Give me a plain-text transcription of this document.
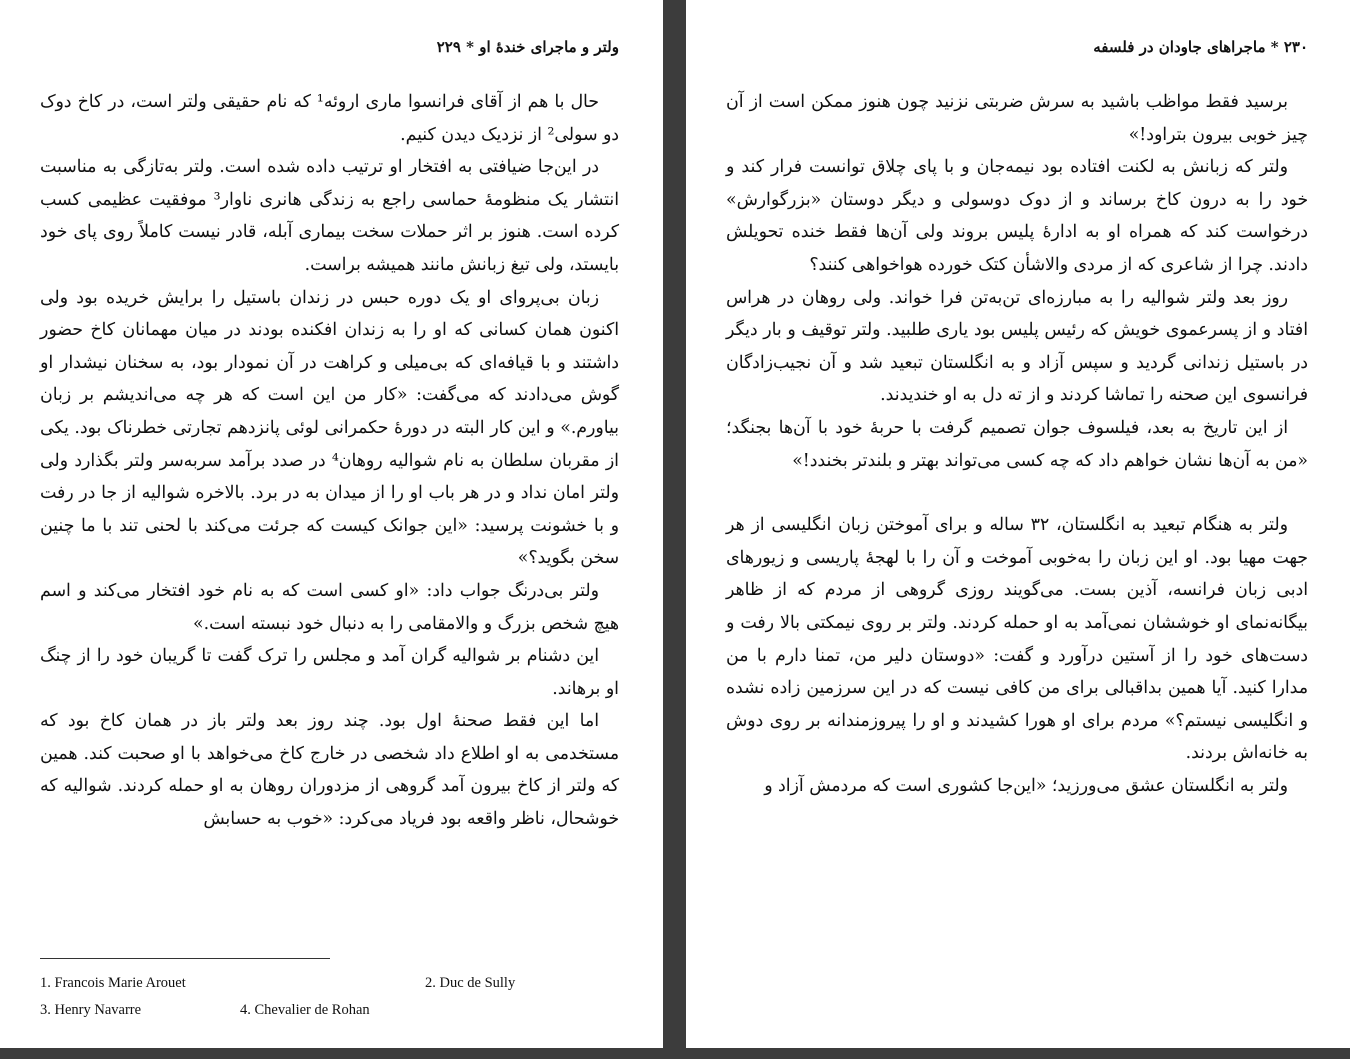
ولتر و ماجرای خندهٔ او * ۲۲۹

حال با هم از آقای فرانسوا ماری اروئه¹ که نام حقیقی ولتر است، در کاخ دوک دو سولی² از نزدیک دیدن کنیم.

در این‌جا ضیافتی به افتخار او ترتیب داده شده است. ولتر به‌تازگی به مناسبت انتشار یک منظومهٔ حماسی راجع به زندگی هانری ناوار³ موفقیت عظیمی کسب کرده است. هنوز بر اثر حملات سخت بیماری آبله، قادر نیست کاملاً روی پای خود بایستد، ولی تیغ زبانش مانند همیشه براست.

زبان بی‌پروای او یک دوره حبس در زندان باستیل را برایش خریده بود ولی اکنون همان کسانی که او را به زندان افکنده بودند در میان مهمانان کاخ حضور داشتند و با قیافه‌ای که بی‌میلی و کراهت در آن نمودار بود، به سخنان نیشدار او گوش می‌دادند که می‌گفت: «کار من این است که هر چه می‌اندیشم بر زبان بیاورم.» و این کار البته در دورهٔ حکمرانی لوئی پانزدهم تجارتی خطرناک بود. یکی از مقربان سلطان به نام شوالیه روهان⁴ در صدد برآمد سربه‌سر ولتر بگذارد ولی ولتر امان نداد و در هر باب او را از میدان به در برد. بالاخره شوالیه از جا در رفت و با خشونت پرسید: «این جوانک کیست که جرئت می‌کند با لحنی تند با ما چنین سخن بگوید؟»

ولتر بی‌درنگ جواب داد: «او کسی است که به نام خود افتخار می‌کند و اسم هیچ شخص بزرگ و والامقامی را به دنبال خود نبسته است.»

این دشنام بر شوالیه گران آمد و مجلس را ترک گفت تا گریبان خود را از چنگ او برهاند.

اما این فقط صحنهٔ اول بود. چند روز بعد ولتر باز در همان کاخ بود که مستخدمی به او اطلاع داد شخصی در خارج کاخ می‌خواهد با او صحبت کند. همین که ولتر از کاخ بیرون آمد گروهی از مزدوران روهان به او حمله کردند. شوالیه که خوشحال، ناظر واقعه بود فریاد می‌کرد: «خوب به حسابش

1. Francois Marie Arouet	2. Duc de Sully
3. Henry Navarre	4. Chevalier de Rohan
۲۳۰ * ماجراهای جاودان در فلسفه

برسید فقط مواظب باشید به سرش ضربتی نزنید چون هنوز ممکن است از آن چیز خوبی بیرون بتراود!»

ولتر که زبانش به لکنت افتاده بود نیمه‌جان و با پای چلاق توانست فرار کند و خود را به درون کاخ برساند و از دوک دوسولی و دیگر دوستان «بزرگوارش» درخواست کند که همراه او به ادارهٔ پلیس بروند ولی آن‌ها فقط خنده تحویلش دادند. چرا از شاعری که از مردی والاشأن کتک خورده هواخواهی کنند؟

روز بعد ولتر شوالیه را به مبارزه‌ای تن‌به‌تن فرا خواند. ولی روهان در هراس افتاد و از پسرعموی خویش که رئیس پلیس بود یاری طلبید. ولتر توقیف و بار دیگر در باستیل زندانی گردید و سپس آزاد و به انگلستان تبعید شد و آن نجیب‌زادگان فرانسوی این صحنه را تماشا کردند و از ته دل به او خندیدند.

از این تاریخ به بعد، فیلسوف جوان تصمیم گرفت با حربهٔ خود با آن‌ها بجنگد؛ «من به آن‌ها نشان خواهم داد که چه کسی می‌تواند بهتر و بلندتر بخندد!»

ولتر به هنگام تبعید به انگلستان، ۳۲ ساله و برای آموختن زبان انگلیسی از هر جهت مهیا بود. او این زبان را به‌خوبی آموخت و آن را با لهجهٔ پاریسی و زیورهای ادبی زبان فرانسه، آذین بست. می‌گویند روزی گروهی از مردم که از ظاهر بیگانه‌نمای او خوششان نمی‌آمد به او حمله کردند. ولتر بر روی نیمکتی بالا رفت و دست‌های خود را از آستین درآورد و گفت: «دوستان دلیر من، تمنا دارم با من مدارا کنید. آیا همین بداقبالی برای من کافی نیست که در این سرزمین زاده نشده و انگلیسی نیستم؟» مردم برای او هورا کشیدند و او را پیروزمندانه بر روی دوش به خانه‌اش بردند.

ولتر به انگلستان عشق می‌ورزید؛ «این‌جا کشوری است که مردمش آزاد و
